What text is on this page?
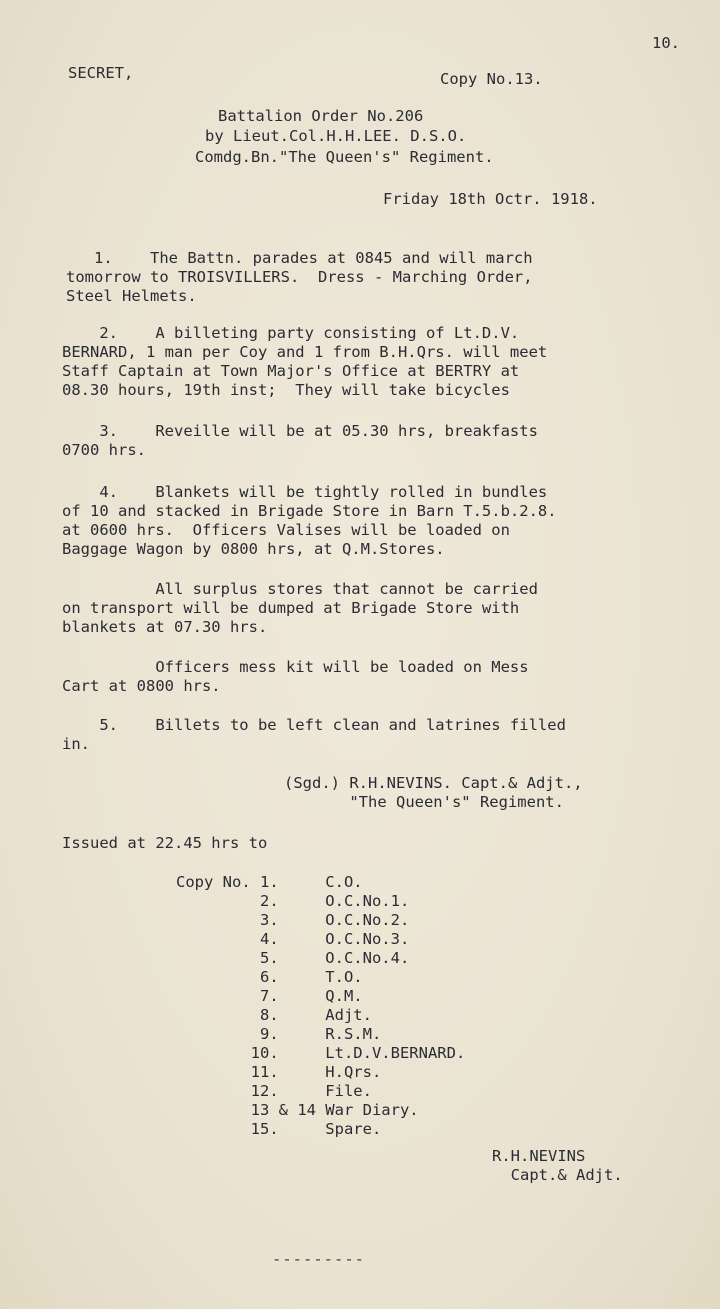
10.
SECRET,	Copy No.13.
Battalion Order No.206
by Lieut.Col.H.H.LEE. D.S.O.
Comdg.Bn."The Queen's" Regiment.
Friday 18th Octr. 1918.
1.    The Battn. parades at 0845 and will march
tomorrow to TROISVILLERS.  Dress - Marching Order,
Steel Helmets.
2.    A billeting party consisting of Lt.D.V.
BERNARD, 1 man per Coy and 1 from B.H.Qrs. will meet
Staff Captain at Town Major's Office at BERTRY at
08.30 hours, 19th inst;  They will take bicycles
3.    Reveille will be at 05.30 hrs, breakfasts
0700 hrs.
4.    Blankets will be tightly rolled in bundles
of 10 and stacked in Brigade Store in Barn T.5.b.2.8.
at 0600 hrs.  Officers Valises will be loaded on
Baggage Wagon by 0800 hrs, at Q.M.Stores.
All surplus stores that cannot be carried
on transport will be dumped at Brigade Store with
blankets at 07.30 hrs.
Officers mess kit will be loaded on Mess
Cart at 0800 hrs.
5.    Billets to be left clean and latrines filled
in.
(Sgd.) R.H.NEVINS. Capt.& Adjt.,
"The Queen's" Regiment.
Issued at 22.45 hrs to
Copy No. 1.     C.O.
2.     O.C.No.1.
3.     O.C.No.2.
4.     O.C.No.3.
5.     O.C.No.4.
6.     T.O.
7.     Q.M.
8.     Adjt.
9.     R.S.M.
10.     Lt.D.V.BERNARD.
11.     H.Qrs.
12.     File.
13 & 14 War Diary.
15.     Spare.
R.H.NEVINS
Capt.& Adjt.
---------
